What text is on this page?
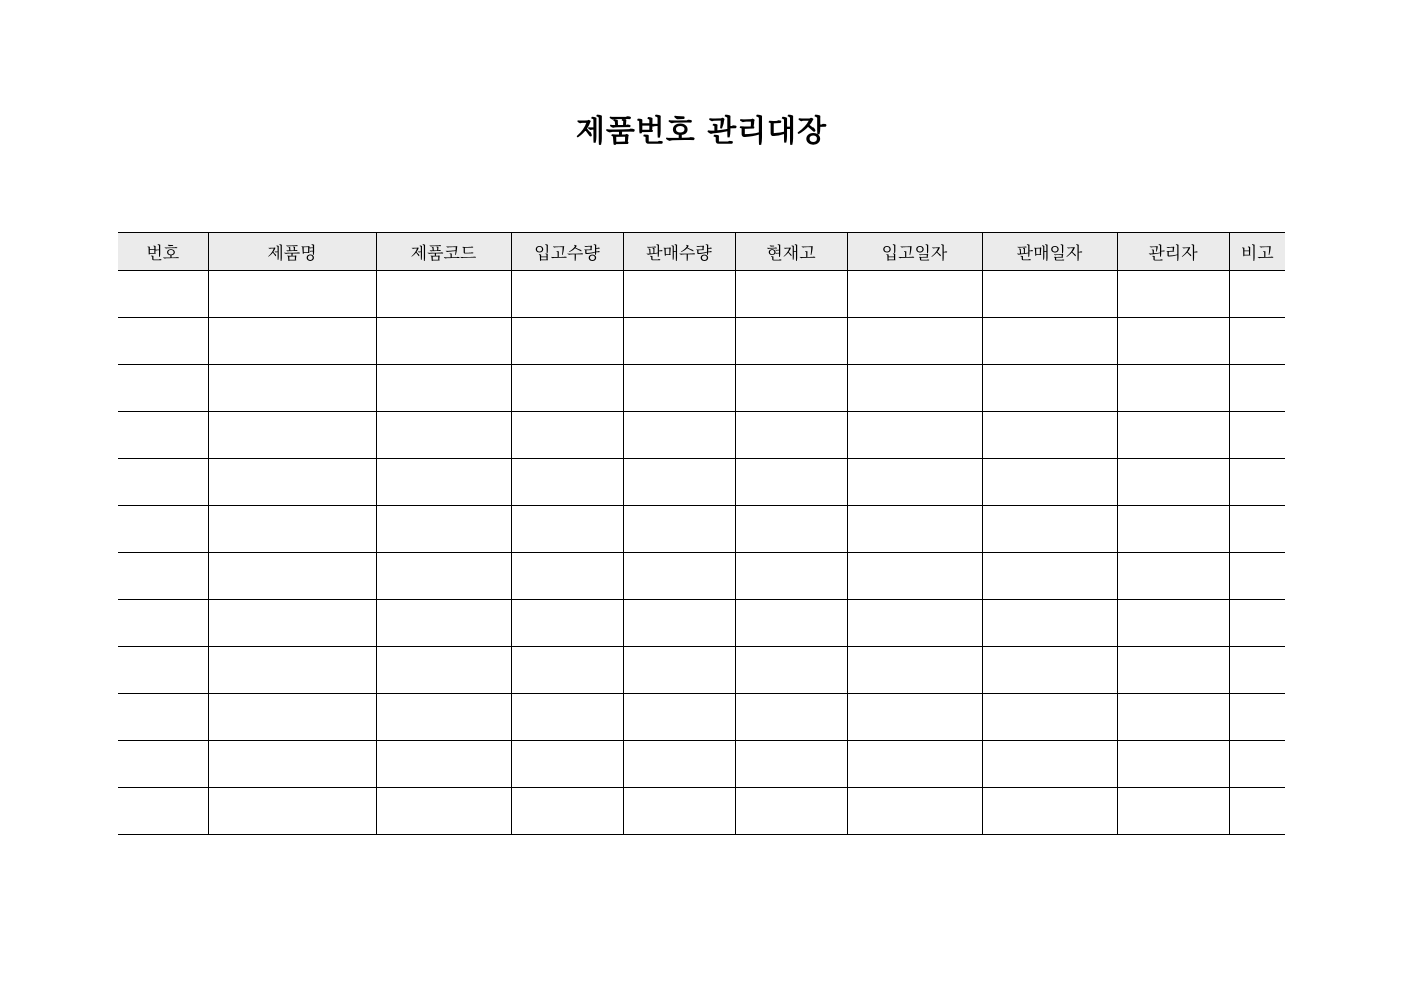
제품번호 관리대장
번호	제품명	제품코드	입고수량	판매수량	현재고	입고일자	판매일자	관리자	비고
